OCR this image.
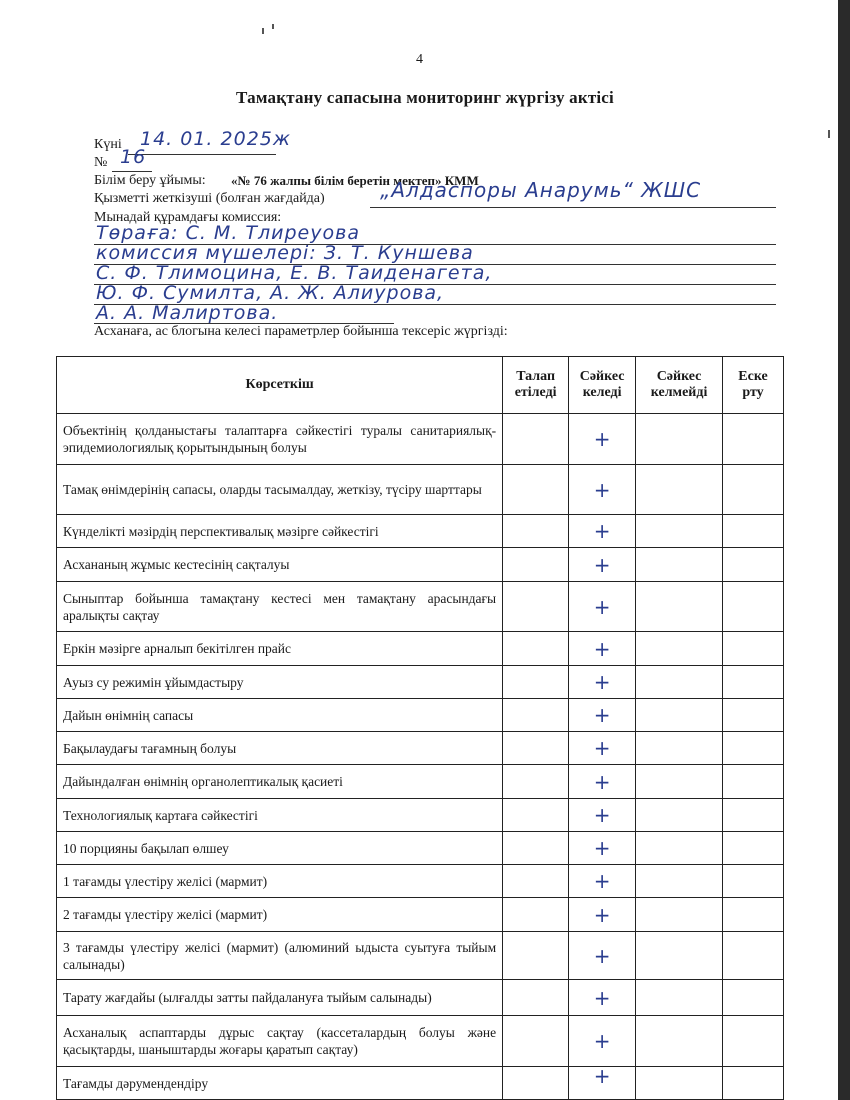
4
Тамақтану сапасына мониторинг жүргізу актісі
Күні 14. 01. 2025ж
№ 16
Білім беру ұйымы: «№ 76 жалпы білім беретін мектеп» КММ
Қызметті жеткізуші (болған жағдайда)	„Алдаспоры Анарумь“ ЖШС
Мынадай құрамдағы комиссия:
Төраға: С. М. Тлиреуова
комиссия мүшелері: З. Т. Куншева
С. Ф. Тлимоцина, Е. В. Таиденагета,
Ю. Ф. Сумилта, А. Ж. Алиурова,
А. А. Малиртова.
Асханаға, ас блогына келесі параметрлер бойынша тексеріс жүргізді:
Көрсеткіш	Талап етіледі	Сәйкес келеді	Сәйкес келмейді	Еске рту
Объектінің қолданыстағы талаптарға сәйкестігі туралы санитариялық-эпидемиологиялық қорытындының болуы		+		
Тамақ өнімдерінің сапасы, оларды тасымалдау, жеткізу, түсіру шарттары		+		
Күнделікті мәзірдің перспективалық мәзірге сәйкестігі		+		
Асхананың жұмыс кестесінің сақталуы		+		
Сыныптар бойынша тамақтану кестесі мен тамақтану арасындағы аралықты сақтау		+		
Еркін мәзірге арналып бекітілген прайс		+		
Ауыз су режимін ұйымдастыру		+		
Дайын өнімнің сапасы		+		
Бақылаудағы тағамның болуы		+		
Дайындалған өнімнің органолептикалық қасиеті		+		
Технологиялық картаға сәйкестігі		+		
10 порцияны бақылап өлшеу		+		
1 тағамды үлестіру желісі (мармит)		+		
2 тағамды үлестіру желісі (мармит)		+		
3 тағамды үлестіру желісі (мармит) (алюминий ыдыста суытуға тыйым салынады)		+		
Тарату жағдайы (ылғалды затты пайдалануға тыйым салынады)		+		
Асханалық аспаптарды дұрыс сақтау (кассеталардың болуы және қасықтарды, шаныштарды жоғары қаратып сақтау)		+		
Тағамды дәрумендендіру		+		
